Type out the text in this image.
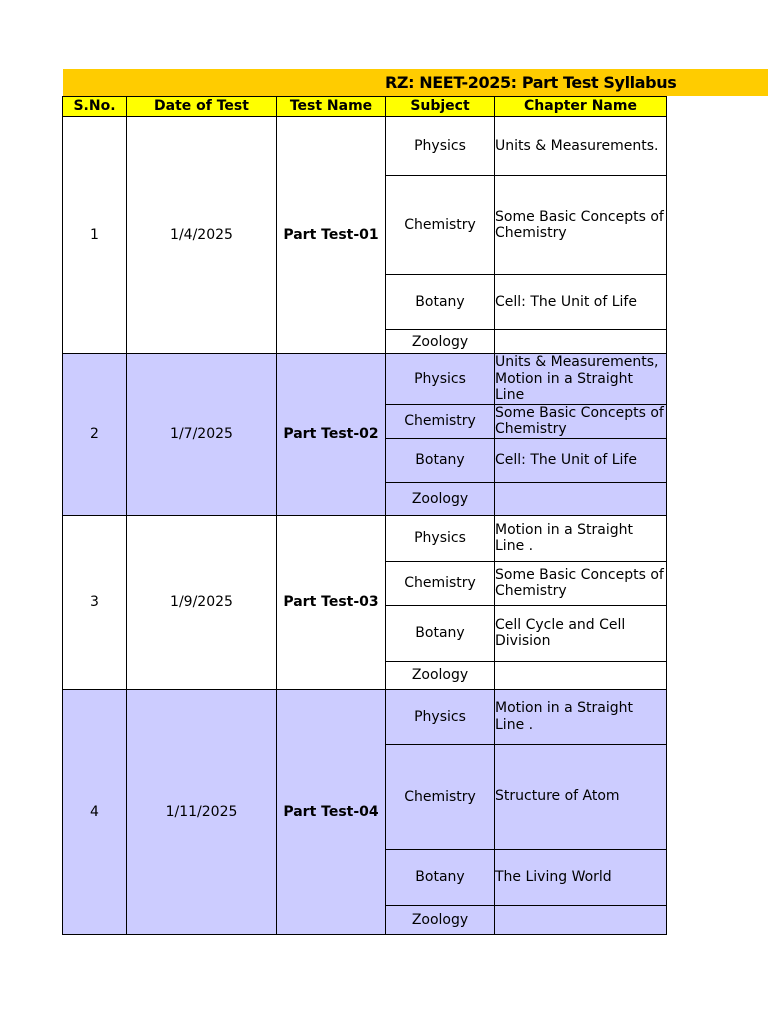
RZ: NEET-2025: Part Test Syllabus
S.No.	Date of Test	Test Name	Subject	Chapter Name
1	1/4/2025	Part Test-01	Physics	Units & Measurements.
			Chemistry	Some Basic Concepts of Chemistry
			Botany	Cell: The Unit of Life
			Zoology	
2	1/7/2025	Part Test-02	Physics	Units & Measurements, Motion in a Straight Line
			Chemistry	Some Basic Concepts of Chemistry
			Botany	Cell: The Unit of Life
			Zoology	
3	1/9/2025	Part Test-03	Physics	Motion in a Straight Line .
			Chemistry	Some Basic Concepts of Chemistry
			Botany	Cell Cycle and Cell Division
			Zoology	
4	1/11/2025	Part Test-04	Physics	Motion in a Straight Line .
			Chemistry	Structure of Atom
			Botany	The Living World
			Zoology	
